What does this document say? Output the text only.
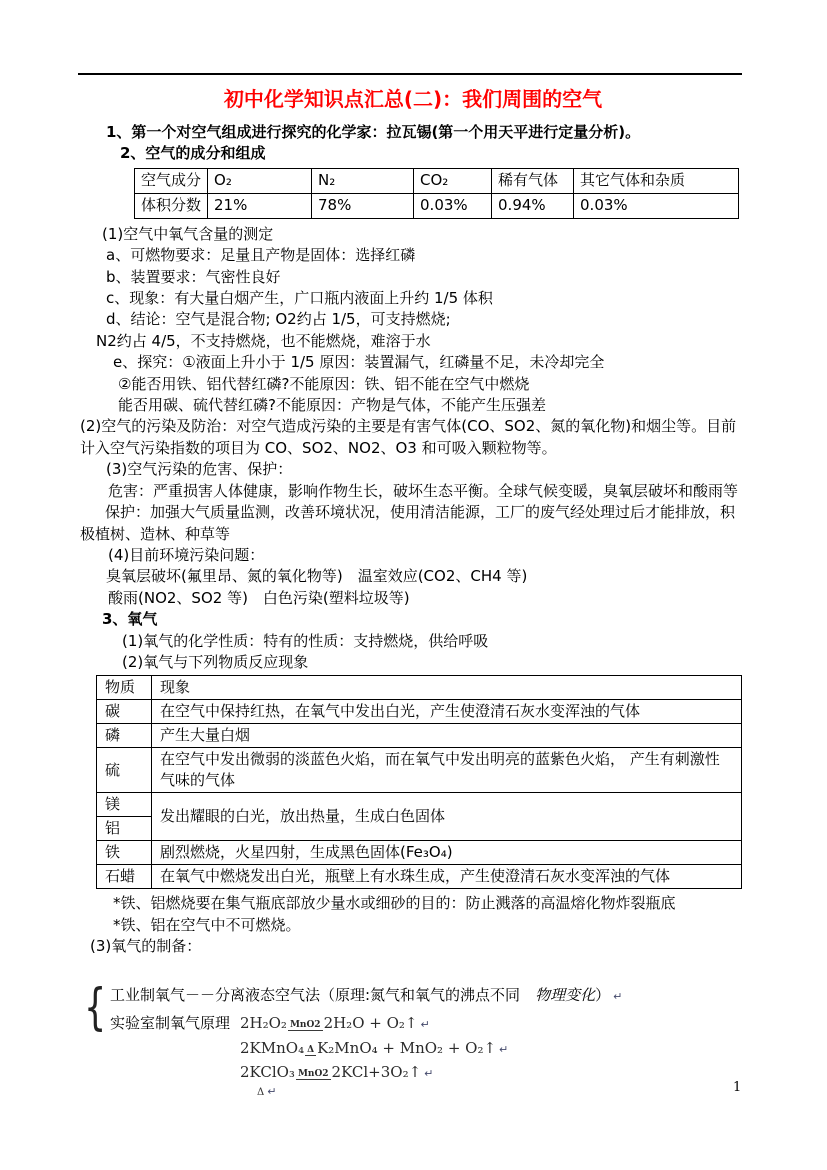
初中化学知识点汇总(二)：我们周围的空气
1、第一个对空气组成进行探究的化学家：拉瓦锡(第一个用天平进行定量分析)。
2、空气的成分和组成
空气成分	O₂	N₂	CO₂	稀有气体	其它气体和杂质
体积分数	21%	78%	0.03%	0.94%	0.03%
(1)空气中氧气含量的测定
a、可燃物要求：足量且产物是固体：选择红磷
b、装置要求：气密性良好
c、现象：有大量白烟产生，广口瓶内液面上升约 1/5 体积
d、结论：空气是混合物; O2约占 1/5，可支持燃烧;
N2约占 4/5，不支持燃烧，也不能燃烧，难溶于水
e、探究：①液面上升小于 1/5 原因：装置漏气，红磷量不足，未冷却完全
②能否用铁、铝代替红磷?不能原因：铁、铝不能在空气中燃烧
能否用碳、硫代替红磷?不能原因：产物是气体，不能产生压强差
(2)空气的污染及防治：对空气造成污染的主要是有害气体(CO、SO2、氮的氧化物)和烟尘等。目前计入空气污染指数的项目为 CO、SO2、NO2、O3 和可吸入颗粒物等。
(3)空气污染的危害、保护：
危害：严重损害人体健康，影响作物生长，破坏生态平衡。全球气候变暖，臭氧层破坏和酸雨等
保护：加强大气质量监测，改善环境状况，使用清洁能源，工厂的废气经处理过后才能排放，积极植树、造林、种草等
(4)目前环境污染问题：
臭氧层破坏(氟里昂、氮的氧化物等)　温室效应(CO2、CH4 等)
酸雨(NO2、SO2 等)　白色污染(塑料垃圾等)
3、氧气
(1)氧气的化学性质：特有的性质：支持燃烧，供给呼吸
(2)氧气与下列物质反应现象
物质	现象
碳	在空气中保持红热，在氧气中发出白光，产生使澄清石灰水变浑浊的气体
磷	产生大量白烟
硫	在空气中发出微弱的淡蓝色火焰，而在氧气中发出明亮的蓝紫色火焰， 产生有刺激性气味的气体
镁	发出耀眼的白光，放出热量，生成白色固体
铝	
铁	剧烈燃烧，火星四射，生成黑色固体(Fe₃O₄)
石蜡	在氧气中燃烧发出白光，瓶壁上有水珠生成，产生使澄清石灰水变浑浊的气体
*铁、铝燃烧要在集气瓶底部放少量水或细砂的目的：防止溅落的高温熔化物炸裂瓶底
*铁、铝在空气中不可燃烧。
(3)氧气的制备：
{ 工业制氧气－－分离液态空气法（原理:氮气和氧气的沸点不同　物理变化） ↵
实验室制氧气原理 2H₂O₂ MnO2 2H₂O + O₂↑ ↵
2KMnO₄ Δ K₂MnO₄ + MnO₂ + O₂↑ ↵
2KClO₃ MnO2 2KCl+3O₂↑ ↵
Δ ↵	1
